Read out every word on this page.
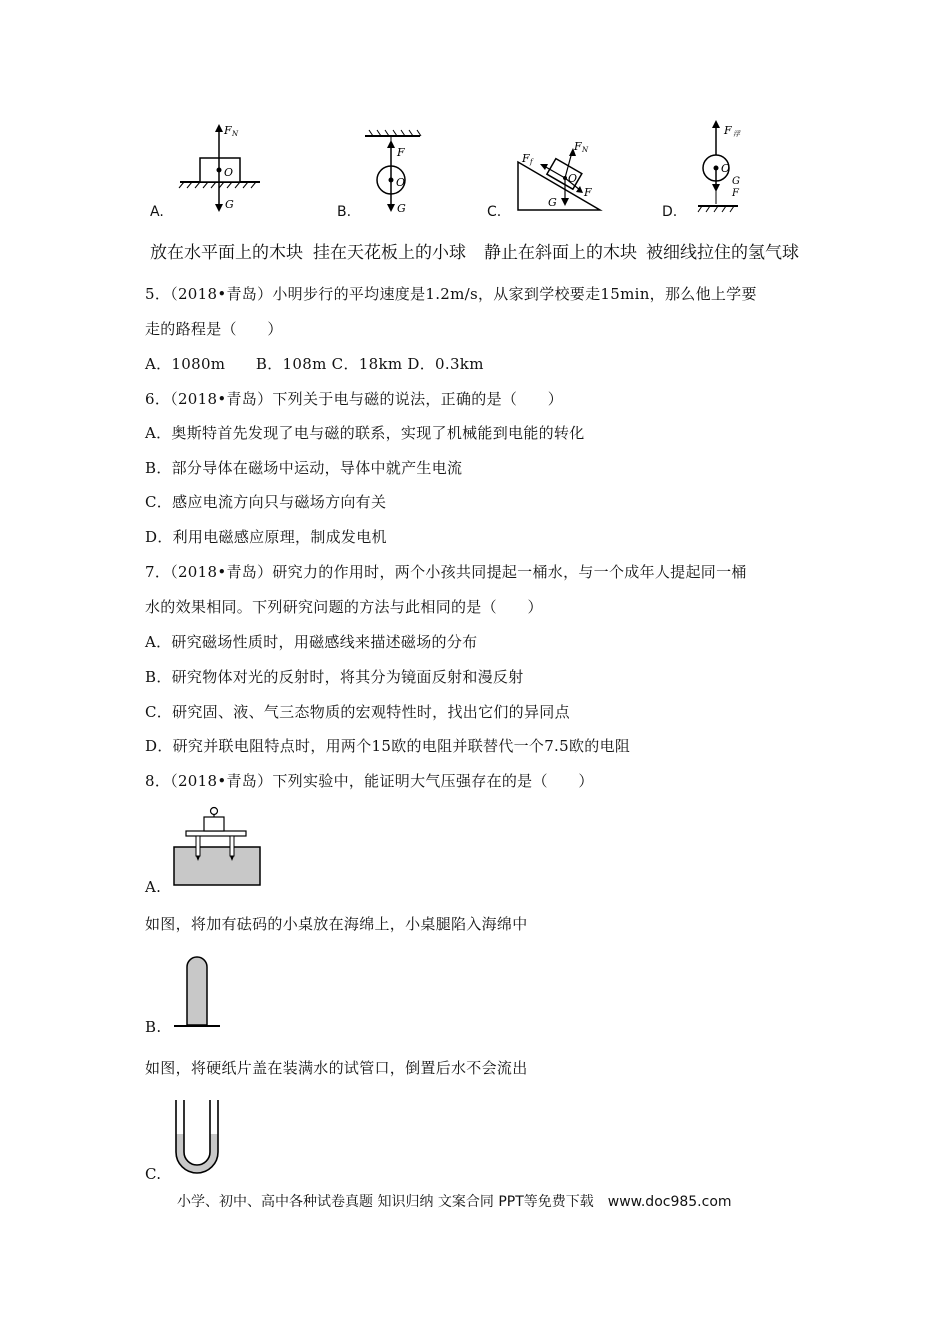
F N
O
G
A.
F
O
G
B.
F f
F N
O
F
G
C.
F 浮
O
G
F
D.
放在水平面上的木块 挂在天花板上的小球 静止在斜面上的木块 被细线拉住的氢气球
5．（2018•青岛）小明步行的平均速度是1.2m/s，从家到学校要走15min，那么他上学要
走的路程是（　　）
A．1080m　　B．108m C．18km D．0.3km
6．（2018•青岛）下列关于电与磁的说法，正确的是（　　）
A．奥斯特首先发现了电与磁的联系，实现了机械能到电能的转化
B．部分导体在磁场中运动，导体中就产生电流
C．感应电流方向只与磁场方向有关
D．利用电磁感应原理，制成发电机
7．（2018•青岛）研究力的作用时，两个小孩共同提起一桶水，与一个成年人提起同一桶
水的效果相同。下列研究问题的方法与此相同的是（　　）
A．研究磁场性质时，用磁感线来描述磁场的分布
B．研究物体对光的反射时，将其分为镜面反射和漫反射
C．研究固、液、气三态物质的宏观特性时，找出它们的异同点
D．研究并联电阻特点时，用两个15欧的电阻并联替代一个7.5欧的电阻
8．（2018•青岛）下列实验中，能证明大气压强存在的是（　　）
A.
如图，将加有砝码的小桌放在海绵上，小桌腿陷入海绵中
B.
如图，将硬纸片盖在装满水的试管口，倒置后水不会流出
C.
小学、初中、高中各种试卷真题 知识归纳 文案合同 PPT等免费下载　www.doc985.com
